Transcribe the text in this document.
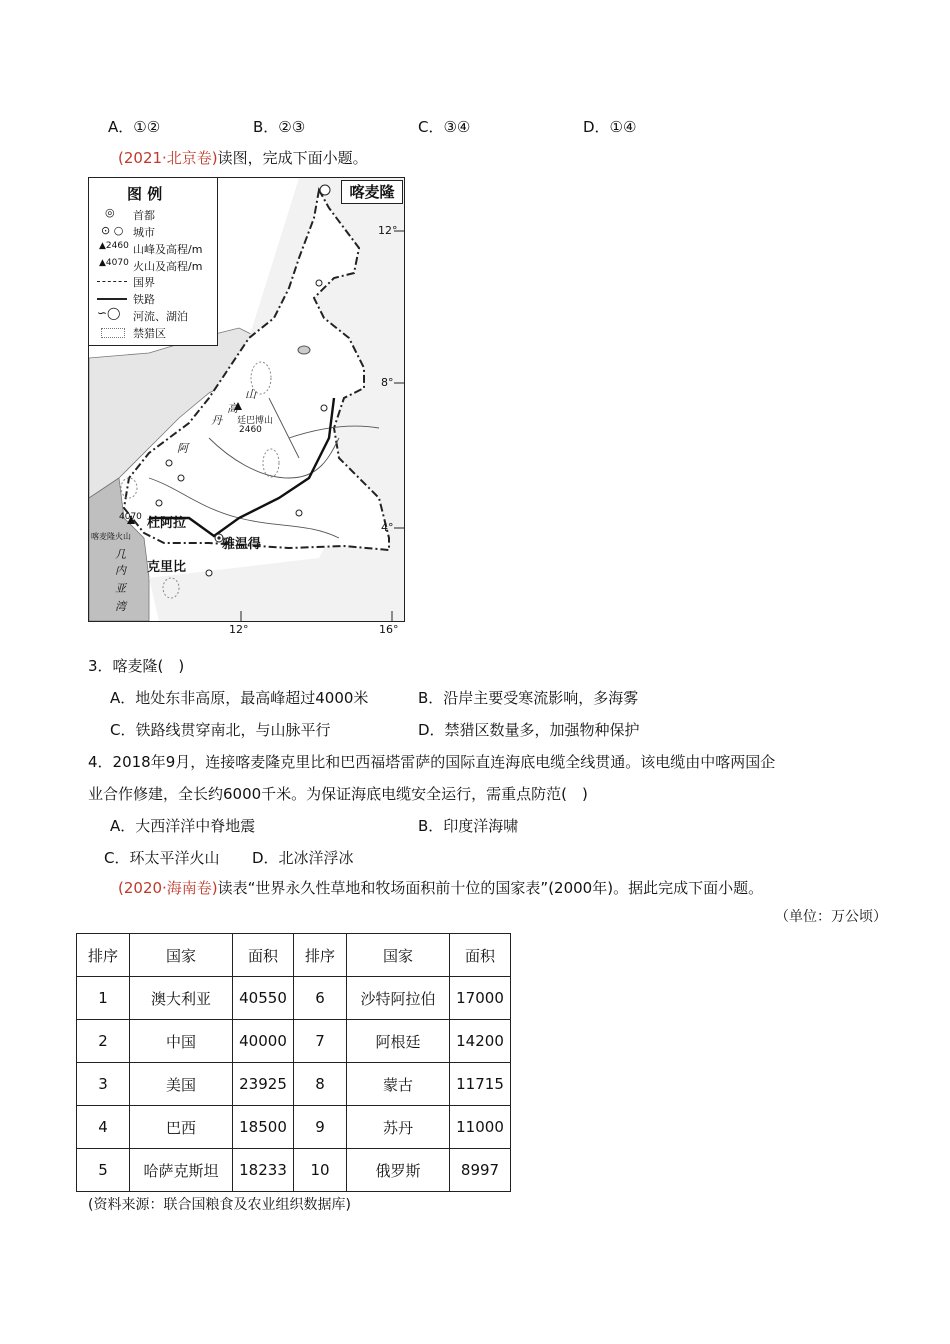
A．①②	B．②③	C．③④	D．①④
(2021·北京卷)读图，完成下面小题。
图 例
◎ 首都
⊙ ○ 城市
▲2460 山峰及高程/m
▲4070 火山及高程/m
国界
铁路
∽◯ 河流、湖泊
禁猎区
喀麦隆
12°
8°
4°
12°	16°
雅温得
杜阿拉
克里比
廷巴博山
2460
4070
喀麦隆火山
丹
高
山
阿
几
内
亚
湾
3．喀麦隆(　)
A．地处东非高原，最高峰超过4000米	B．沿岸主要受寒流影响，多海雾
C．铁路线贯穿南北，与山脉平行	D．禁猎区数量多，加强物种保护
4．2018年9月，连接喀麦隆克里比和巴西福塔雷萨的国际直连海底电缆全线贯通。该电缆由中喀两国企
业合作修建，全长约6000千米。为保证海底电缆安全运行，需重点防范(　)
A．大西洋洋中脊地震	B．印度洋海啸
C．环太平洋火山 D．北冰洋浮冰
(2020·海南卷)读表“世界永久性草地和牧场面积前十位的国家表”(2000年)。据此完成下面小题。
（单位：万公顷）
排序	国家	面积	排序	国家	面积
1	澳大利亚	40550	6	沙特阿拉伯	17000
2	中国	40000	7	阿根廷	14200
3	美国	23925	8	蒙古	11715
4	巴西	18500	9	苏丹	11000
5	哈萨克斯坦	18233	10	俄罗斯	8997
(资料来源：联合国粮食及农业组织数据库)
